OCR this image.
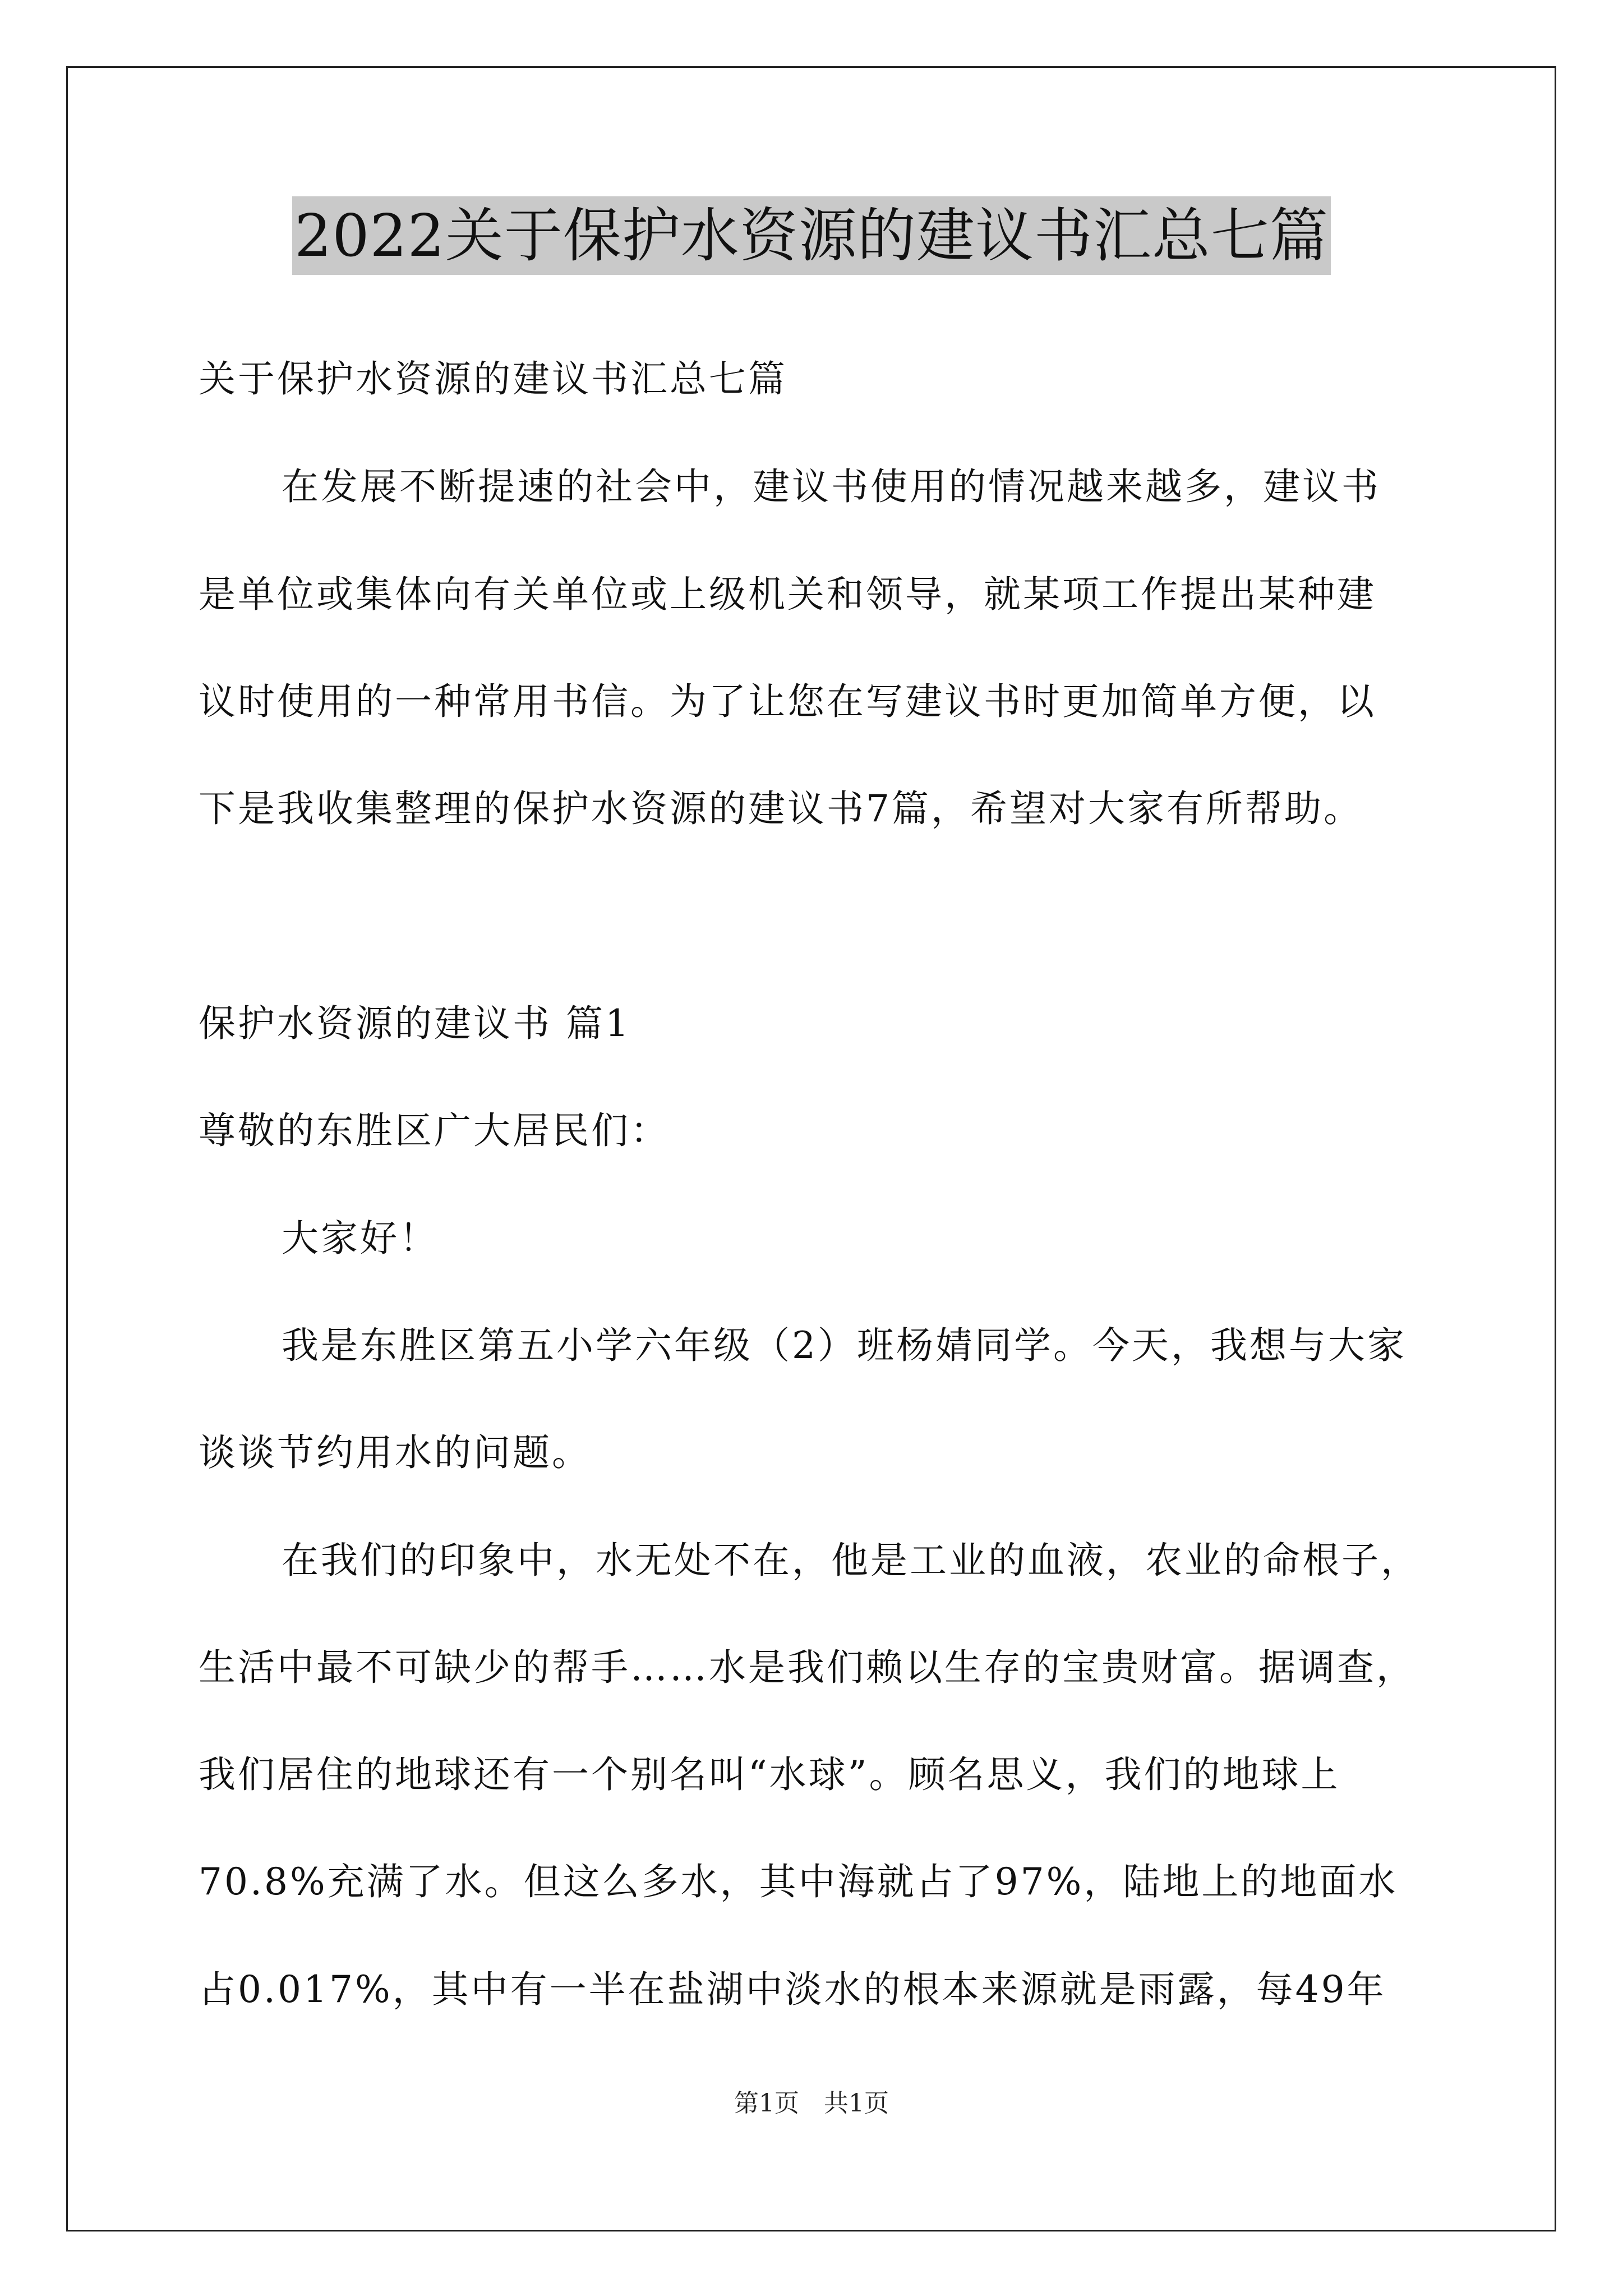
2022关于保护水资源的建议书汇总七篇
关于保护水资源的建议书汇总七篇
在发展不断提速的社会中，建议书使用的情况越来越多，建议书
是单位或集体向有关单位或上级机关和领导，就某项工作提出某种建
议时使用的一种常用书信。为了让您在写建议书时更加简单方便，以
下是我收集整理的保护水资源的建议书7篇，希望对大家有所帮助。
保护水资源的建议书 篇1
尊敬的东胜区广大居民们：
大家好！
我是东胜区第五小学六年级（2）班杨婧同学。今天，我想与大家
谈谈节约用水的问题。
在我们的印象中，水无处不在，他是工业的血液，农业的命根子，
生活中最不可缺少的帮手……水是我们赖以生存的宝贵财富。据调查，
我们居住的地球还有一个别名叫“水球”。顾名思义，我们的地球上
70.8%充满了水。但这么多水，其中海就占了97%，陆地上的地面水
占0.017%，其中有一半在盐湖中淡水的根本来源就是雨露，每49年
第1页　共1页
